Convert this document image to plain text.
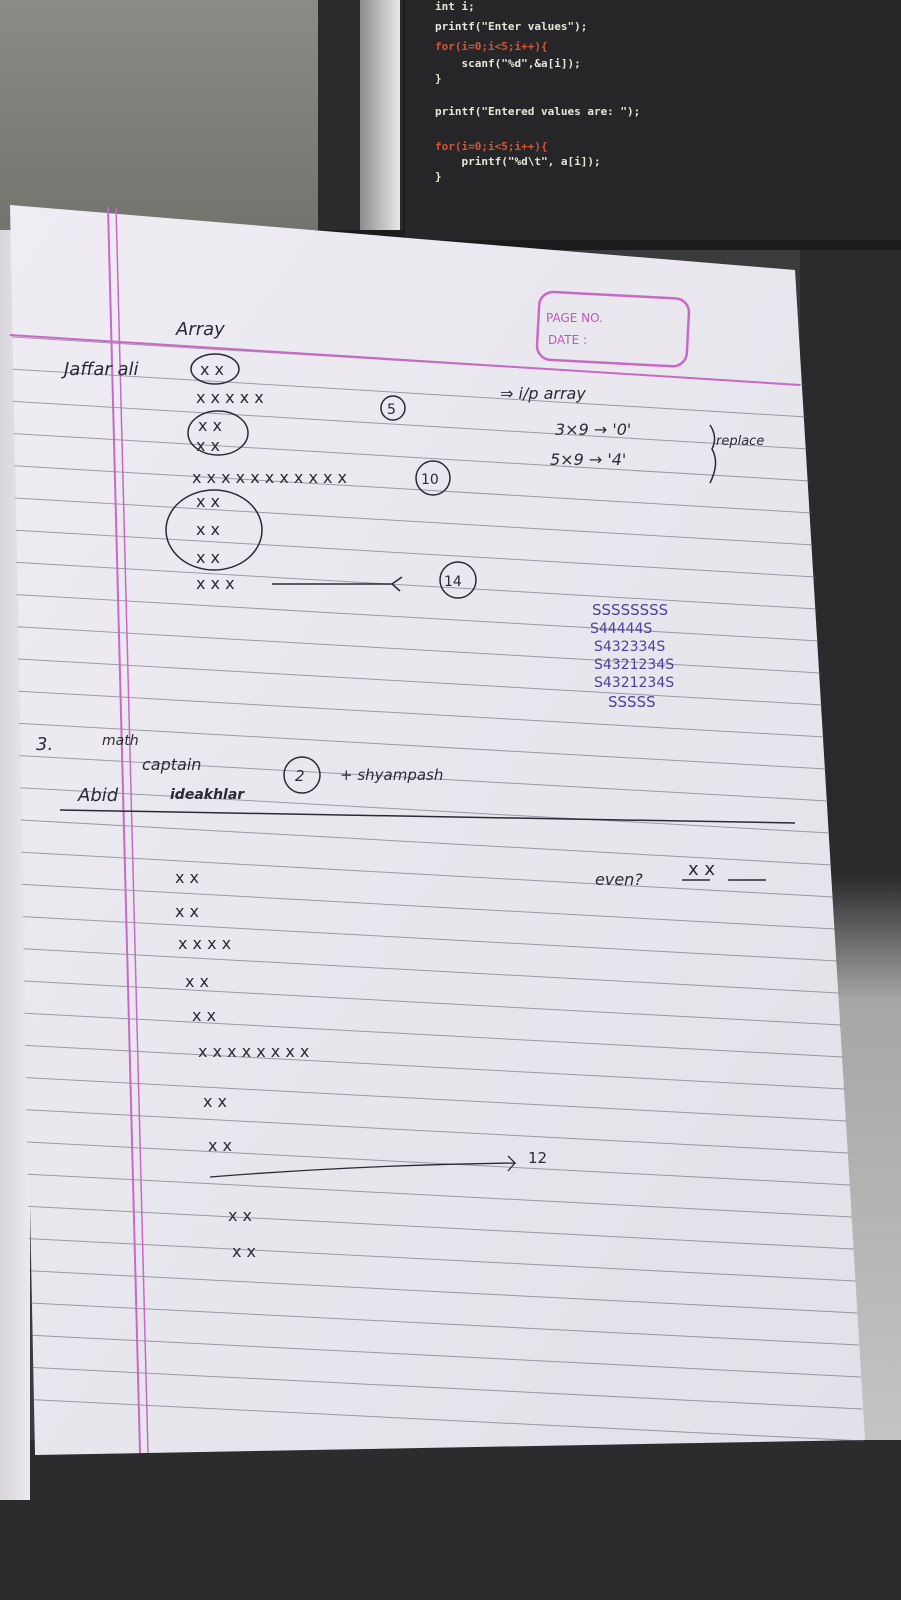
int i;
printf("Enter values");
for(i=0;i<5;i++){
scanf("%d",&a[i]);
}
printf("Entered values are: ");
for(i=0;i<5;i++){
printf("%d\t", a[i]);
}
PAGE NO.
DATE :
Array
Jaffar ali	x x
x x x x x
5
x x
x x
x x x x x x x x x x x	10
x x
x x
x x
x x x	14
⇒ i/p array
3×9 → '0'
5×9 → '4'
replace
SSSSSSSS
S44444S
S432334S
S4321234S
S4321234S
SSSSS
3.	math
captain
Abid	ideakhlar
2 + shyampash
even?	x x
x x
x x
x x x x
x x
x x
x x x x x x x x
x x
x x
12
x x
x x
